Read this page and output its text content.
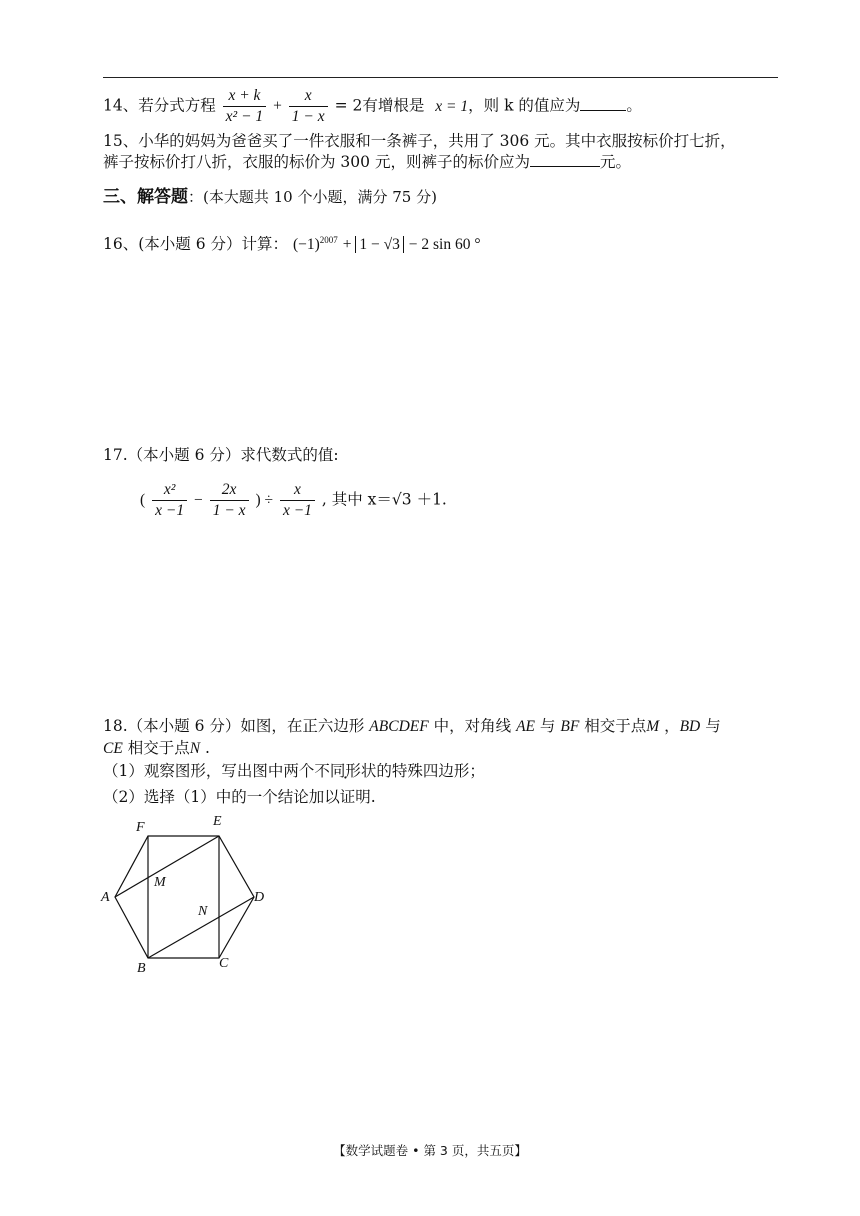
14、若分式方程 $\frac{x + k}{\text{x² − 1}} + \frac{x}{1 - x} = 2$有增根是 x = 1，则 k 的值应为	。
15、小华的妈妈为爸爸买了一件衣服和一条裤子，共用了 306 元。其中衣服按标价打七折，
裤子按标价打八折，衣服的标价为 300 元，则裤子的标价应为	元。
三、解答题：(本大题共 10 个小题，满分 75 分)
16、(本小题 6 分）计算： $(-1)^{2007} + 1 - √3 - 2$ sin 60 °
17.（本小题 6 分）求代数式的值:
( $\frac{\text{x²}}{x -1} - \frac{2x}{1 - x}$ ) ÷ $\frac{x}{x -1}$ , 其中 x＝√3 ＋1.
18.（本小题 6 分）如图，在正六边形 ABCDEF 中，对角线 AE 与 BF 相交于点M ，BD 与
CE 相交于点N .
（1）观察图形，写出图中两个不同形状的特殊四边形；
（2）选择（1）中的一个结论加以证明.
F	E
A	D
B	C
M
N
【数学试题卷 • 第 3 页，共五页】
